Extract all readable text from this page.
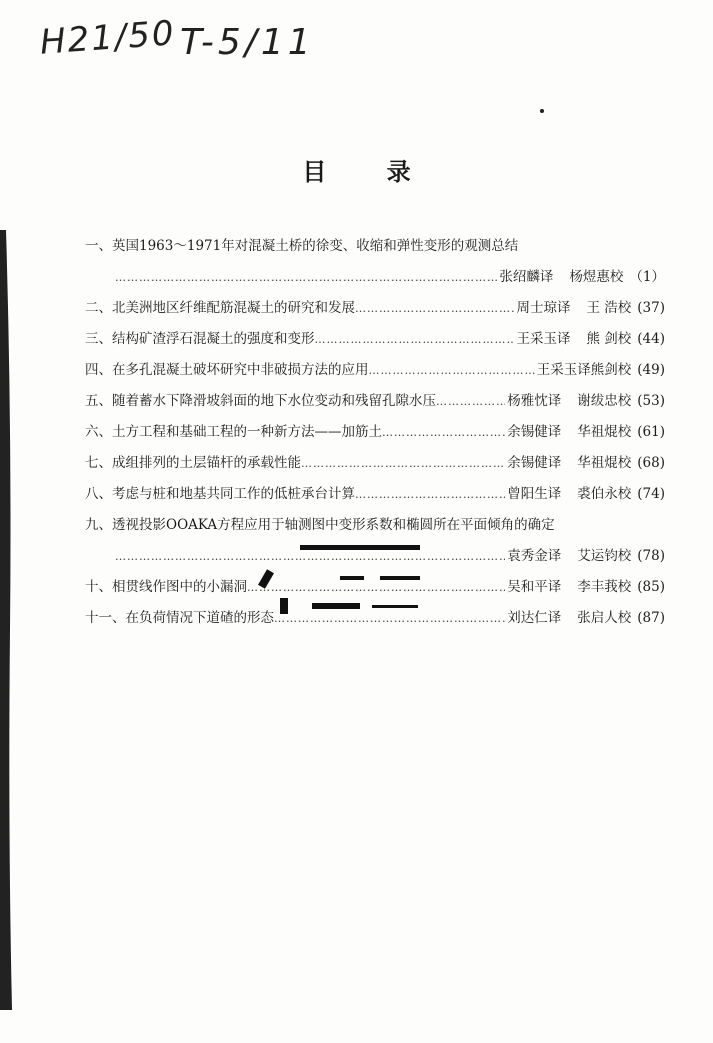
H21/50 T-5/11
目 录
一、 英国1963～1971年对混凝土桥的徐变、收缩和弹性变形的观测总结
……………………………………………………………………………………………………………………………………………
张绍麟译 杨煜惠校 （1）
二、 北美洲地区纤维配筋混凝土的研究和发展 ……………………………………………………………………………………………………………………………………………	周士琼译 王 浩校 (37)
三、 结构矿渣浮石混凝土的强度和变形 ……………………………………………………………………………………………………………………………………………	王采玉译 熊 剑校 (44)
四、 在多孔混凝土破坏研究中非破损方法的应用 ……………………………………………………………………………………………………………………………………………	王采玉译熊剑校 (49)
五、 随着蓄水下降滑坡斜面的地下水位变动和残留孔隙水压 ……………………………………………………………………………………………………………………………………………	杨雅忱译 谢绂忠校 (53)
六、 土方工程和基础工程的一种新方法——加筋土 ……………………………………………………………………………………………………………………………………………	余锡健译 华祖焜校 (61)
七、 成组排列的土层锚杆的承载性能 ……………………………………………………………………………………………………………………………………………	余锡健译 华祖焜校 (68)
八、 考虑与桩和地基共同工作的低桩承台计算 ……………………………………………………………………………………………………………………………………………	曾阳生译 裘伯永校 (74)
九、 透视投影OOAKA方程应用于轴测图中变形系数和椭圆所在平面倾角的确定
……………………………………………………………………………………………………………………………………………
袁秀金译 艾运钧校 (78)
十、 相贯线作图中的小漏洞 ……………………………………………………………………………………………………………………………………………	吴和平译 李丰莪校 (85)
十一、 在负荷情况下道碴的形态 ……………………………………………………………………………………………………………………………………………	刘达仁译 张启人校 (87)
